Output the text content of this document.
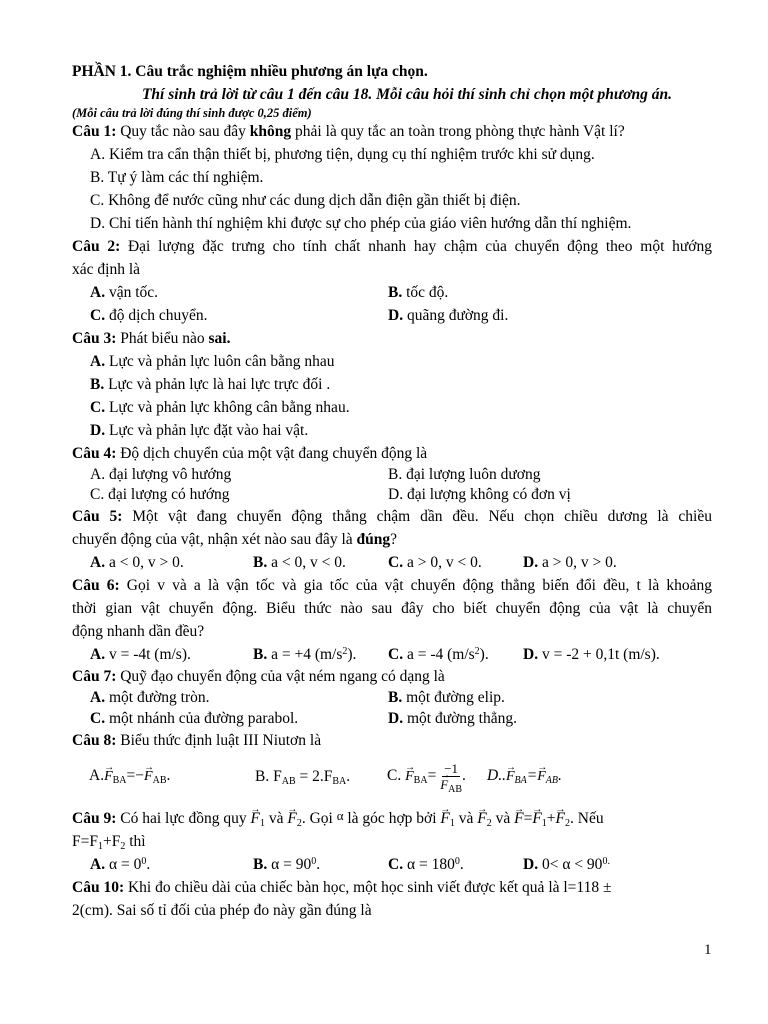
PHẦN 1. Câu trắc nghiệm nhiều phương án lựa chọn.
Thí sinh trả lời từ câu 1 đến câu 18. Mỗi câu hỏi thí sinh chỉ chọn một phương án.
(Mỗi câu trả lời đúng thí sinh được 0,25 điểm)
Câu 1: Quy tắc nào sau đây không phải là quy tắc an toàn trong phòng thực hành Vật lí?
A. Kiểm tra cẩn thận thiết bị, phương tiện, dụng cụ thí nghiệm trước khi sử dụng.
B. Tự ý làm các thí nghiệm.
C. Không để nước cũng như các dung dịch dẫn điện gần thiết bị điện.
D. Chỉ tiến hành thí nghiệm khi được sự cho phép của giáo viên hướng dẫn thí nghiệm.
Câu 2: Đại lượng đặc trưng cho tính chất nhanh hay chậm của chuyển động theo một hướng
xác định là
A. vận tốc.	B. tốc độ.
C. độ dịch chuyển.	D. quãng đường đi.
Câu 3: Phát biểu nào sai.
A. Lực và phản lực luôn cân bằng nhau
B. Lực và phản lực là hai lực trực đối .
C. Lực và phản lực không cân bằng nhau.
D. Lực và phản lực đặt vào hai vật.
Câu 4: Độ dịch chuyển của một vật đang chuyển động là
A. đại lượng vô hướng	B. đại lượng luôn dương
C. đại lượng có hướng	D. đại lượng không có đơn vị
Câu 5: Một vật đang chuyển động thẳng chậm dần đều. Nếu chọn chiều dương là chiều
chuyển động của vật, nhận xét nào sau đây là đúng?
A. a < 0, v > 0.	B. a < 0, v < 0.	C. a > 0, v < 0.	D. a > 0, v > 0.
Câu 6: Gọi v và a là vận tốc và gia tốc của vật chuyển động thẳng biến đổi đều, t là khoảng
thời gian vật chuyển động. Biểu thức nào sau đây cho biết chuyển động của vật là chuyển
động nhanh dần đều?
A. v = -4t (m/s).	B. a = +4 $(m/s^2)$.	C. a = -4 $(m/s^2)$.	D. v = -2 + 0,1t (m/s).
Câu 7: Quỹ đạo chuyển động của vật ném ngang có dạng là
A. một đường tròn.	B. một đường elip.
C. một nhánh của đường parabol.	D. một đường thẳng.
Câu 8: Biểu thức định luật III Niutơn là
$A.\to F_{BA}=-\to F_{AB}$.	B. $F_{AB} = 2.F_{BA}$.	C. → $F_{BA}= -1$
→ $F_{AB}$ .	$D..\to F_{BA}=\to F_{AB}$.
Câu 9: Có hai lực đồng quy → $F_1$ và → $F_2$. Gọi α là góc hợp bởi → $F_1$ và → $F_2$ và → $F=\to F_1+\to F_2$. Nếu
$F=F_1+F_2$ thì
A. $\alpha = 0^0$.	B. $\alpha = 90^0$.	C. $\alpha = 180^0$.	D. $0< \alpha < 90^{0.}$
Câu 10: Khi đo chiều dài của chiếc bàn học, một học sinh viết được kết quả là l=118 ±
2(cm). Sai số tỉ đối của phép đo này gần đúng là
1
